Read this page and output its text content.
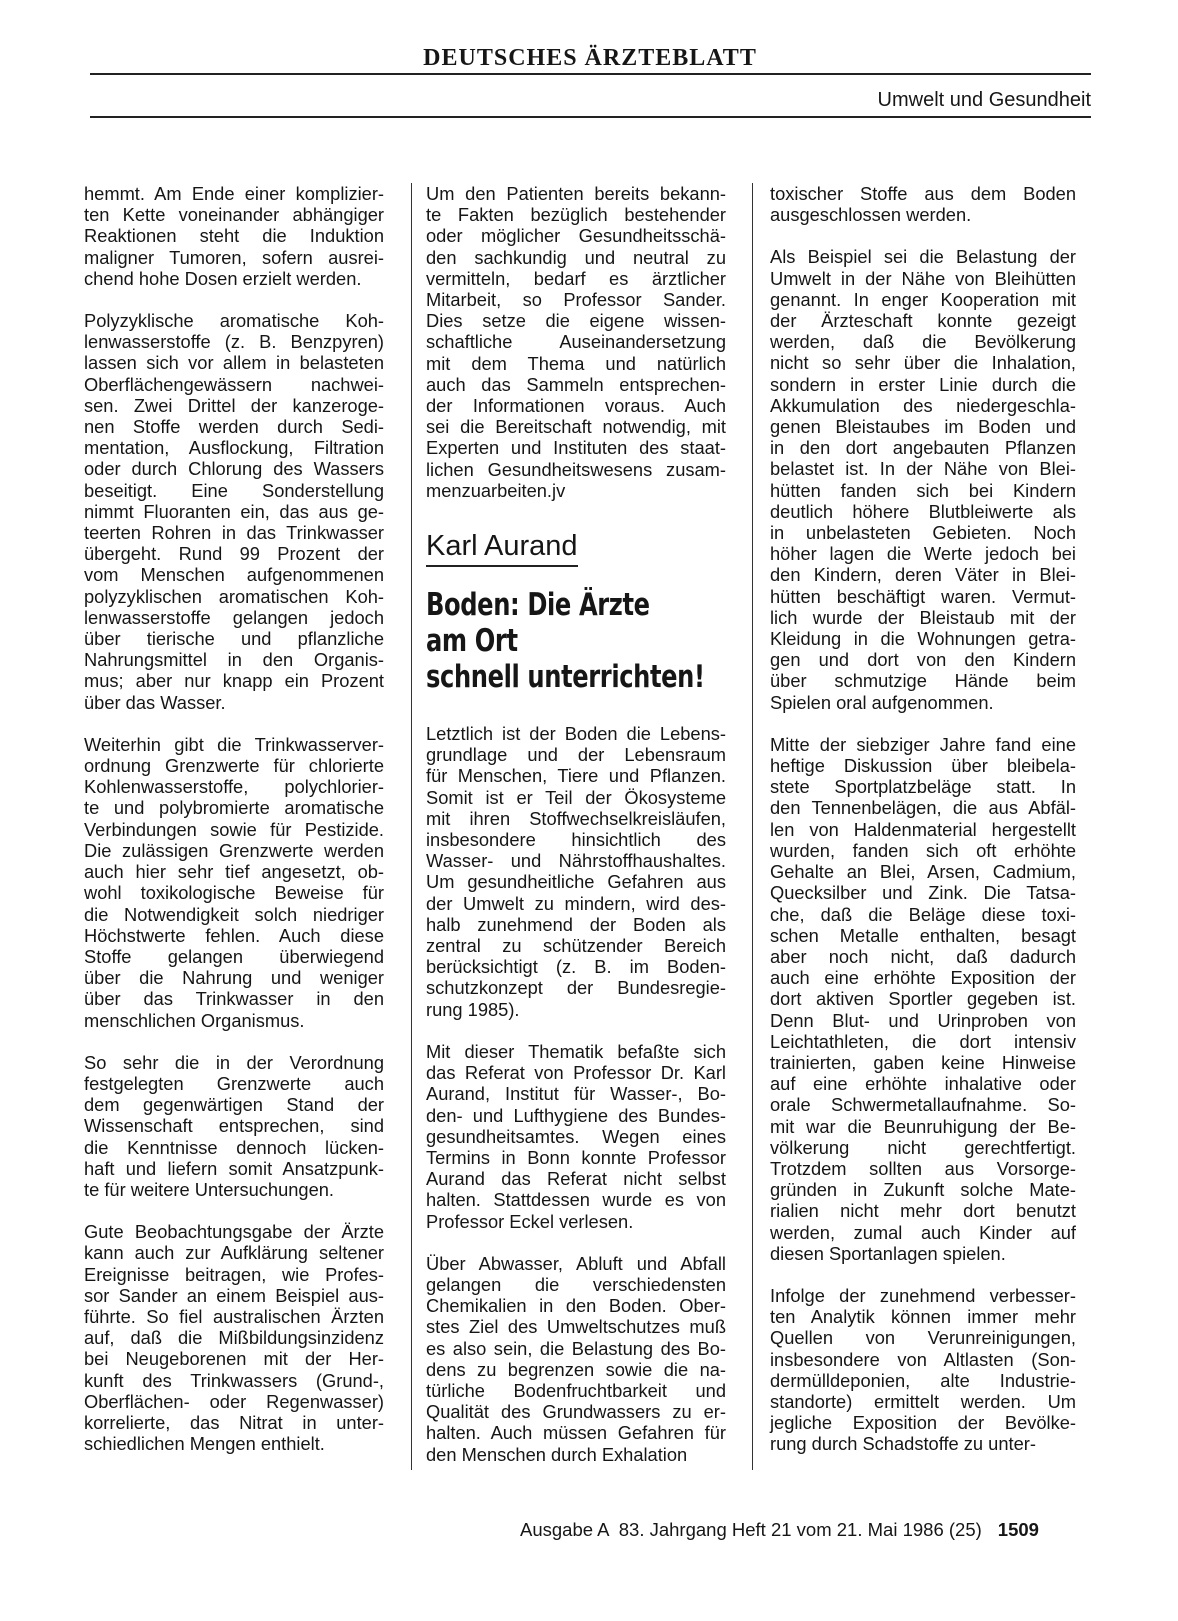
DEUTSCHES ÄRZTEBLATT
Umwelt und Gesundheit
hemmt. Am Ende einer komplizier-
ten Kette voneinander abhängiger
Reaktionen steht die Induktion
maligner Tumoren, sofern ausrei-
chend hohe Dosen erzielt werden.
Polyzyklische aromatische Koh-
lenwasserstoffe (z. B. Benzpyren)
lassen sich vor allem in belasteten
Oberflächengewässern nachwei-
sen. Zwei Drittel der kanzeroge-
nen Stoffe werden durch Sedi-
mentation, Ausflockung, Filtration
oder durch Chlorung des Wassers
beseitigt. Eine Sonderstellung
nimmt Fluoranten ein, das aus ge-
teerten Rohren in das Trinkwasser
übergeht. Rund 99 Prozent der
vom Menschen aufgenommenen
polyzyklischen aromatischen Koh-
lenwasserstoffe gelangen jedoch
über tierische und pflanzliche
Nahrungsmittel in den Organis-
mus; aber nur knapp ein Prozent
über das Wasser.
Weiterhin gibt die Trinkwasserver-
ordnung Grenzwerte für chlorierte
Kohlenwasserstoffe, polychlorier-
te und polybromierte aromatische
Verbindungen sowie für Pestizide.
Die zulässigen Grenzwerte werden
auch hier sehr tief angesetzt, ob-
wohl toxikologische Beweise für
die Notwendigkeit solch niedriger
Höchstwerte fehlen. Auch diese
Stoffe gelangen überwiegend
über die Nahrung und weniger
über das Trinkwasser in den
menschlichen Organismus.
So sehr die in der Verordnung
festgelegten Grenzwerte auch
dem gegenwärtigen Stand der
Wissenschaft entsprechen, sind
die Kenntnisse dennoch lücken-
haft und liefern somit Ansatzpunk-
te für weitere Untersuchungen.
Gute Beobachtungsgabe der Ärzte
kann auch zur Aufklärung seltener
Ereignisse beitragen, wie Profes-
sor Sander an einem Beispiel aus-
führte. So fiel australischen Ärzten
auf, daß die Mißbildungsinzidenz
bei Neugeborenen mit der Her-
kunft des Trinkwassers (Grund-,
Oberflächen- oder Regenwasser)
korrelierte, das Nitrat in unter-
schiedlichen Mengen enthielt.
Um den Patienten bereits bekann-
te Fakten bezüglich bestehender
oder möglicher Gesundheitsschä-
den sachkundig und neutral zu
vermitteln, bedarf es ärztlicher
Mitarbeit, so Professor Sander.
Dies setze die eigene wissen-
schaftliche Auseinandersetzung
mit dem Thema und natürlich
auch das Sammeln entsprechen-
der Informationen voraus. Auch
sei die Bereitschaft notwendig, mit
Experten und Instituten des staat-
lichen Gesundheitswesens zusam-
menzuarbeiten.jv
Karl Aurand
Boden: Die Ärzte
am Ort
schnell unterrichten!
Letztlich ist der Boden die Lebens-
grundlage und der Lebensraum
für Menschen, Tiere und Pflanzen.
Somit ist er Teil der Ökosysteme
mit ihren Stoffwechselkreisläufen,
insbesondere hinsichtlich des
Wasser- und Nährstoffhaushaltes.
Um gesundheitliche Gefahren aus
der Umwelt zu mindern, wird des-
halb zunehmend der Boden als
zentral zu schützender Bereich
berücksichtigt (z. B. im Boden-
schutzkonzept der Bundesregie-
rung 1985).
Mit dieser Thematik befaßte sich
das Referat von Professor Dr. Karl
Aurand, Institut für Wasser-, Bo-
den- und Lufthygiene des Bundes-
gesundheitsamtes. Wegen eines
Termins in Bonn konnte Professor
Aurand das Referat nicht selbst
halten. Stattdessen wurde es von
Professor Eckel verlesen.
Über Abwasser, Abluft und Abfall
gelangen die verschiedensten
Chemikalien in den Boden. Ober-
stes Ziel des Umweltschutzes muß
es also sein, die Belastung des Bo-
dens zu begrenzen sowie die na-
türliche Bodenfruchtbarkeit und
Qualität des Grundwassers zu er-
halten. Auch müssen Gefahren für
den Menschen durch Exhalation
toxischer Stoffe aus dem Boden
ausgeschlossen werden.
Als Beispiel sei die Belastung der
Umwelt in der Nähe von Bleihütten
genannt. In enger Kooperation mit
der Ärzteschaft konnte gezeigt
werden, daß die Bevölkerung
nicht so sehr über die Inhalation,
sondern in erster Linie durch die
Akkumulation des niedergeschla-
genen Bleistaubes im Boden und
in den dort angebauten Pflanzen
belastet ist. In der Nähe von Blei-
hütten fanden sich bei Kindern
deutlich höhere Blutbleiwerte als
in unbelasteten Gebieten. Noch
höher lagen die Werte jedoch bei
den Kindern, deren Väter in Blei-
hütten beschäftigt waren. Vermut-
lich wurde der Bleistaub mit der
Kleidung in die Wohnungen getra-
gen und dort von den Kindern
über schmutzige Hände beim
Spielen oral aufgenommen.
Mitte der siebziger Jahre fand eine
heftige Diskussion über bleibela-
stete Sportplatzbeläge statt. In
den Tennenbelägen, die aus Abfäl-
len von Haldenmaterial hergestellt
wurden, fanden sich oft erhöhte
Gehalte an Blei, Arsen, Cadmium,
Quecksilber und Zink. Die Tatsa-
che, daß die Beläge diese toxi-
schen Metalle enthalten, besagt
aber noch nicht, daß dadurch
auch eine erhöhte Exposition der
dort aktiven Sportler gegeben ist.
Denn Blut- und Urinproben von
Leichtathleten, die dort intensiv
trainierten, gaben keine Hinweise
auf eine erhöhte inhalative oder
orale Schwermetallaufnahme. So-
mit war die Beunruhigung der Be-
völkerung nicht gerechtfertigt.
Trotzdem sollten aus Vorsorge-
gründen in Zukunft solche Mate-
rialien nicht mehr dort benutzt
werden, zumal auch Kinder auf
diesen Sportanlagen spielen.
Infolge der zunehmend verbesser-
ten Analytik können immer mehr
Quellen von Verunreinigungen,
insbesondere von Altlasten (Son-
dermülldeponien, alte Industrie-
standorte) ermittelt werden. Um
jegliche Exposition der Bevölke-
rung durch Schadstoffe zu unter-
Ausgabe A  83. Jahrgang Heft 21 vom 21. Mai 1986 (25) 1509
